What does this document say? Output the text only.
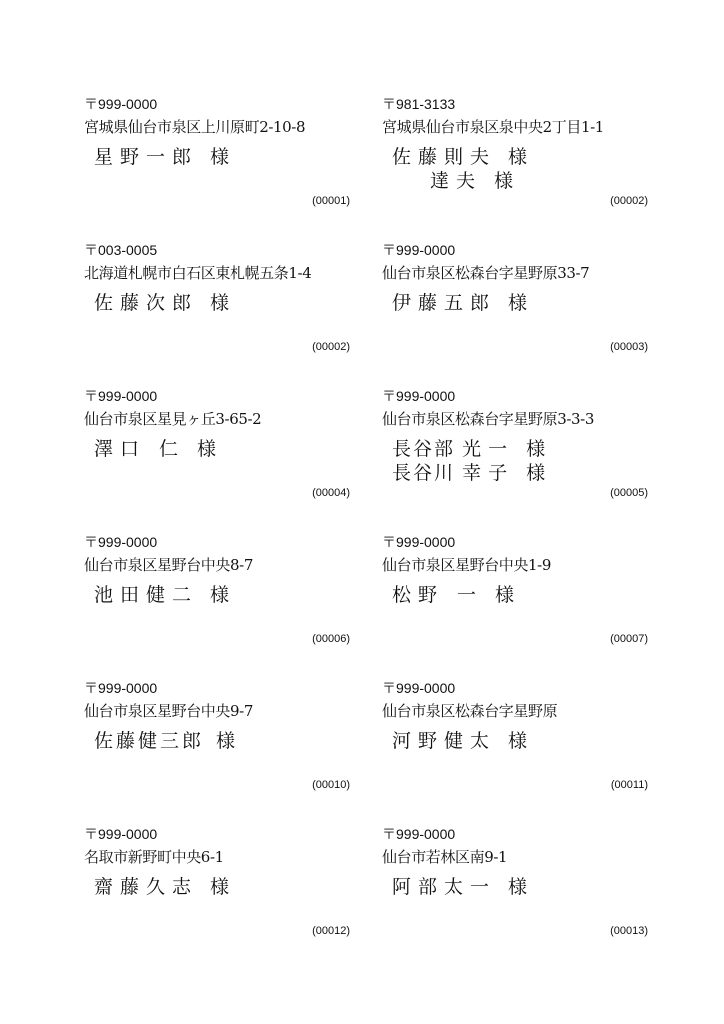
〒999-0000
宮城県仙台市泉区上川原町2-10-8
星野一郎 様
(00001)
〒981-3133
宮城県仙台市泉区泉中央2丁目1-1
佐藤則夫 様
達夫 様
(00002)
〒003-0005
北海道札幌市白石区東札幌五条1-4
佐藤次郎 様
(00002)
〒999-0000
仙台市泉区松森台字星野原33-7
伊藤五郎 様
(00003)
〒999-0000
仙台市泉区星見ヶ丘3-65-2
澤口 仁 様
(00004)
〒999-0000
仙台市泉区松森台字星野原3-3-3
長谷部 光一 様
長谷川 幸子 様
(00005)
〒999-0000
仙台市泉区星野台中央8-7
池田健二 様
(00006)
〒999-0000
仙台市泉区星野台中央1-9
松野 一 様
(00007)
〒999-0000
仙台市泉区星野台中央9-7
佐藤健三郎 様
(00010)
〒999-0000
仙台市泉区松森台字星野原
河野健太 様
(00011)
〒999-0000
名取市新野町中央6-1
齋藤久志 様
(00012)
〒999-0000
仙台市若林区南9-1
阿部太一 様
(00013)
